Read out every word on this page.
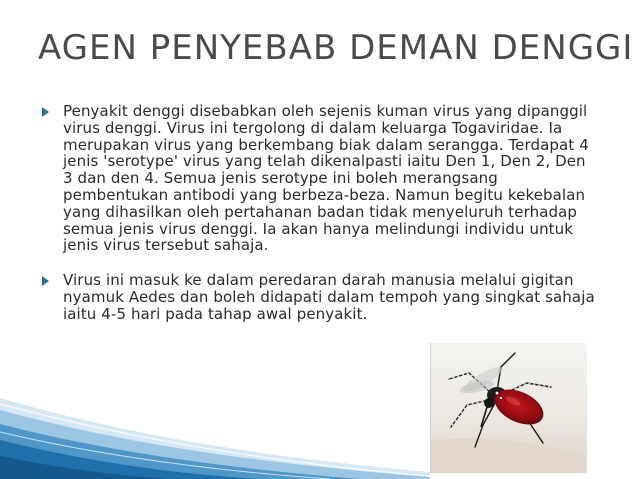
AGEN PENYEBAB DEMAN DENGGI
Penyakit denggi disebabkan oleh sejenis kuman virus yang dipanggil virus denggi. Virus ini tergolong di dalam keluarga Togaviridae. Ia merupakan virus yang berkembang biak dalam serangga. Terdapat 4 jenis 'serotype' virus yang telah dikenalpasti iaitu Den 1, Den 2, Den 3 dan den 4. Semua jenis serotype ini boleh merangsang pembentukan antibodi yang berbeza-beza. Namun begitu kekebalan yang dihasilkan oleh pertahanan badan tidak menyeluruh terhadap semua jenis virus denggi. Ia akan hanya melindungi individu untuk jenis virus tersebut sahaja.
Virus ini masuk ke dalam peredaran darah manusia melalui gigitan nyamuk Aedes dan boleh didapati dalam tempoh yang singkat sahaja iaitu 4-5 hari pada tahap awal penyakit.
